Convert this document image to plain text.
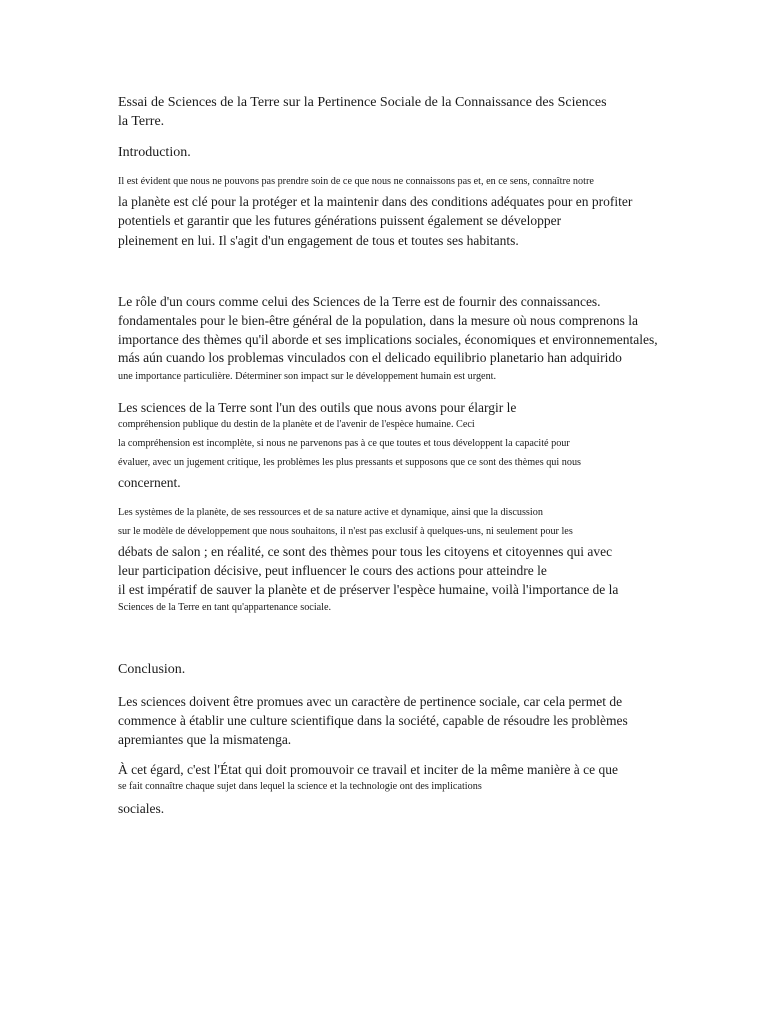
Essai de Sciences de la Terre sur la Pertinence Sociale de la Connaissance des Sciences
la Terre.
Introduction.
Il est évident que nous ne pouvons pas prendre soin de ce que nous ne connaissons pas et, en ce sens, connaître notre
la planète est clé pour la protéger et la maintenir dans des conditions adéquates pour en profiter
potentiels et garantir que les futures générations puissent également se développer
pleinement en lui. Il s'agit d'un engagement de tous et toutes ses habitants.
Le rôle d'un cours comme celui des Sciences de la Terre est de fournir des connaissances.
fondamentales pour le bien-être général de la population, dans la mesure où nous comprenons la
importance des thèmes qu'il aborde et ses implications sociales, économiques et environnementales,
más aún cuando los problemas vinculados con el delicado equilibrio planetario han adquirido
une importance particulière. Déterminer son impact sur le développement humain est urgent.
Les sciences de la Terre sont l'un des outils que nous avons pour élargir le
compréhension publique du destin de la planète et de l'avenir de l'espèce humaine. Ceci
la compréhension est incomplète, si nous ne parvenons pas à ce que toutes et tous développent la capacité pour
évaluer, avec un jugement critique, les problèmes les plus pressants et supposons que ce sont des thèmes qui nous
concernent.
Les systèmes de la planète, de ses ressources et de sa nature active et dynamique, ainsi que la discussion
sur le modèle de développement que nous souhaitons, il n'est pas exclusif à quelques-uns, ni seulement pour les
débats de salon ; en réalité, ce sont des thèmes pour tous les citoyens et citoyennes qui avec
leur participation décisive, peut influencer le cours des actions pour atteindre le
il est impératif de sauver la planète et de préserver l'espèce humaine, voilà l'importance de la
Sciences de la Terre en tant qu'appartenance sociale.
Conclusion.
Les sciences doivent être promues avec un caractère de pertinence sociale, car cela permet de
commence à établir une culture scientifique dans la société, capable de résoudre les problèmes
apremiantes que la mismatenga.
À cet égard, c'est l'État qui doit promouvoir ce travail et inciter de la même manière à ce que
se fait connaître chaque sujet dans lequel la science et la technologie ont des implications
sociales.
